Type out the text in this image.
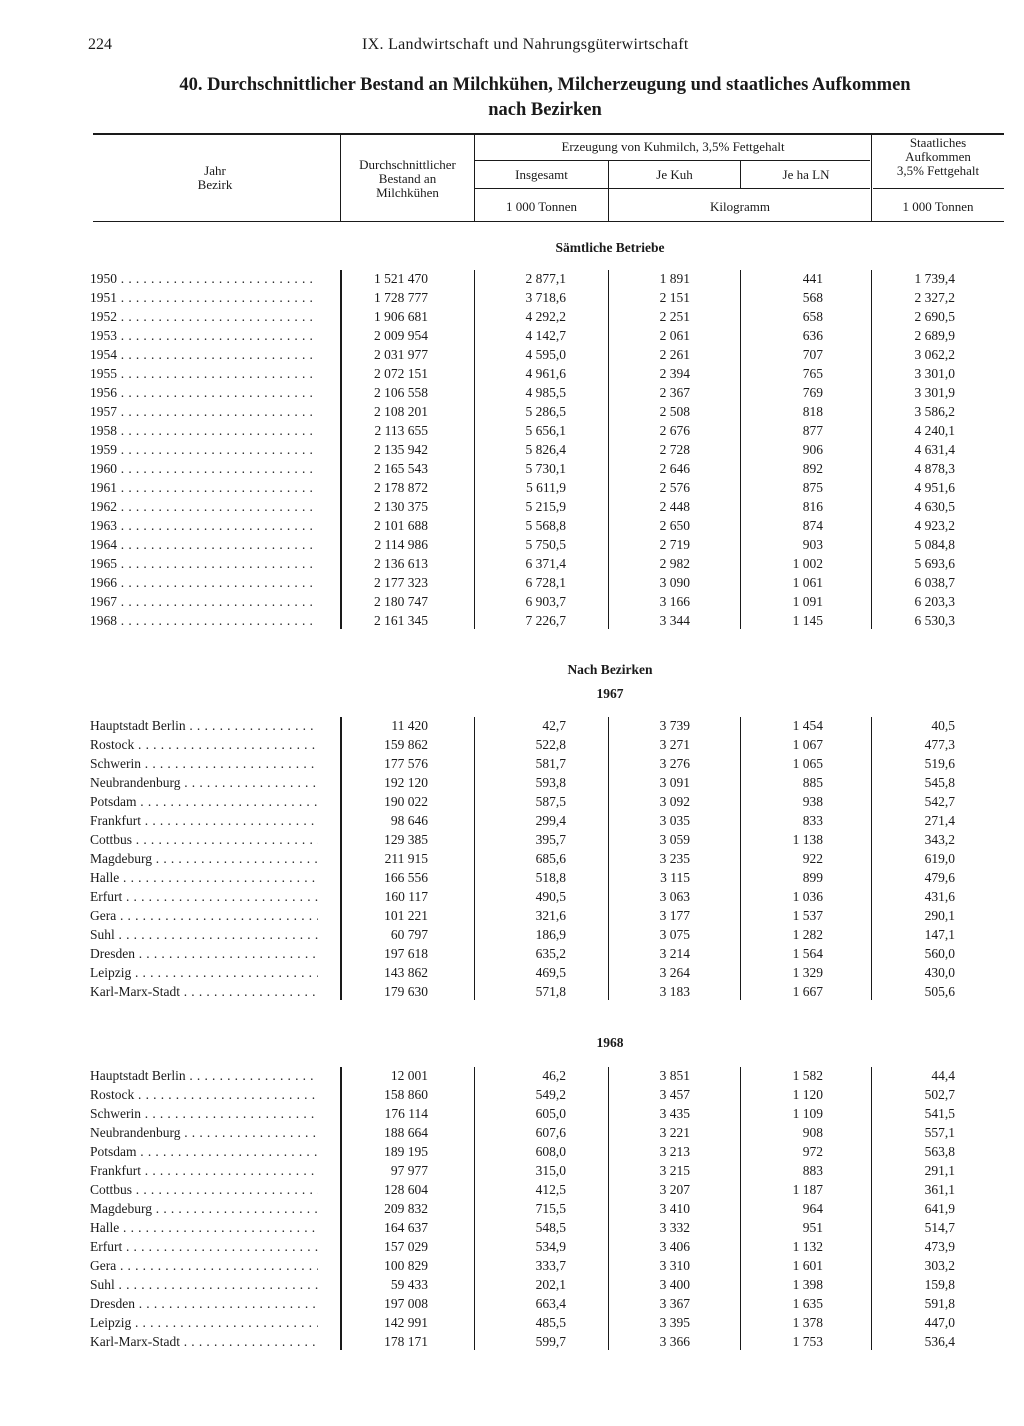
224	IX. Landwirtschaft und Nahrungsgüterwirtschaft
40. Durchschnittlicher Bestand an Milchkühen, Milcherzeugung und staatliches Aufkommen
nach Bezirken
Jahr
Bezirk
Durchschnittlicher
Bestand an
Milchkühen
Erzeugung von Kuhmilch, 3,5% Fettgehalt
Insgesamt	Je Kuh	Je ha LN
Staatliches
Aufkommen
3,5% Fettgehalt
1 000 Tonnen	Kilogramm	1 000 Tonnen
Sämtliche Betriebe
Nach Bezirken
1967
1968
1950 . . .	1 521 470	2 877,1	1 891	441	1 739,4
1951 . . .	1 728 777	3 718,6	2 151	568	2 327,2
1952 . . .	1 906 681	4 292,2	2 251	658	2 690,5
1953 . . .	2 009 954	4 142,7	2 061	636	2 689,9
1954 . . .	2 031 977	4 595,0	2 261	707	3 062,2
1955 . . .	2 072 151	4 961,6	2 394	765	3 301,0
1956 . . .	2 106 558	4 985,5	2 367	769	3 301,9
1957 . . .	2 108 201	5 286,5	2 508	818	3 586,2
1958 . . .	2 113 655	5 656,1	2 676	877	4 240,1
1959 . . .	2 135 942	5 826,4	2 728	906	4 631,4
1960 . . .	2 165 543	5 730,1	2 646	892	4 878,3
1961 . . .	2 178 872	5 611,9	2 576	875	4 951,6
1962 . . .	2 130 375	5 215,9	2 448	816	4 630,5
1963 . . .	2 101 688	5 568,8	2 650	874	4 923,2
1964 . . .	2 114 986	5 750,5	2 719	903	5 084,8
1965 . . .	2 136 613	6 371,4	2 982	1 002	5 693,6
1966 . . .	2 177 323	6 728,1	3 090	1 061	6 038,7
1967 . . .	2 180 747	6 903,7	3 166	1 091	6 203,3
1968 . . .	2 161 345	7 226,7	3 344	1 145	6 530,3
Hauptstadt Berlin . . .	11 420	42,7	3 739	1 454	40,5
Rostock . . .	159 862	522,8	3 271	1 067	477,3
Schwerin . . .	177 576	581,7	3 276	1 065	519,6
Neubrandenburg . . .	192 120	593,8	3 091	885	545,8
Potsdam . . .	190 022	587,5	3 092	938	542,7
Frankfurt . . .	98 646	299,4	3 035	833	271,4
Cottbus . . .	129 385	395,7	3 059	1 138	343,2
Magdeburg . . .	211 915	685,6	3 235	922	619,0
Halle . . .	166 556	518,8	3 115	899	479,6
Erfurt . . .	160 117	490,5	3 063	1 036	431,6
Gera . . .	101 221	321,6	3 177	1 537	290,1
Suhl . . .	60 797	186,9	3 075	1 282	147,1
Dresden . . .	197 618	635,2	3 214	1 564	560,0
Leipzig . . .	143 862	469,5	3 264	1 329	430,0
Karl-Marx-Stadt . . .	179 630	571,8	3 183	1 667	505,6
Hauptstadt Berlin . . .	12 001	46,2	3 851	1 582	44,4
Rostock . . .	158 860	549,2	3 457	1 120	502,7
Schwerin . . .	176 114	605,0	3 435	1 109	541,5
Neubrandenburg . . .	188 664	607,6	3 221	908	557,1
Potsdam . . .	189 195	608,0	3 213	972	563,8
Frankfurt . . .	97 977	315,0	3 215	883	291,1
Cottbus . . .	128 604	412,5	3 207	1 187	361,1
Magdeburg . . .	209 832	715,5	3 410	964	641,9
Halle . . .	164 637	548,5	3 332	951	514,7
Erfurt . . .	157 029	534,9	3 406	1 132	473,9
Gera . . .	100 829	333,7	3 310	1 601	303,2
Suhl . . .	59 433	202,1	3 400	1 398	159,8
Dresden . . .	197 008	663,4	3 367	1 635	591,8
Leipzig . . .	142 991	485,5	3 395	1 378	447,0
Karl-Marx-Stadt . . .	178 171	599,7	3 366	1 753	536,4
